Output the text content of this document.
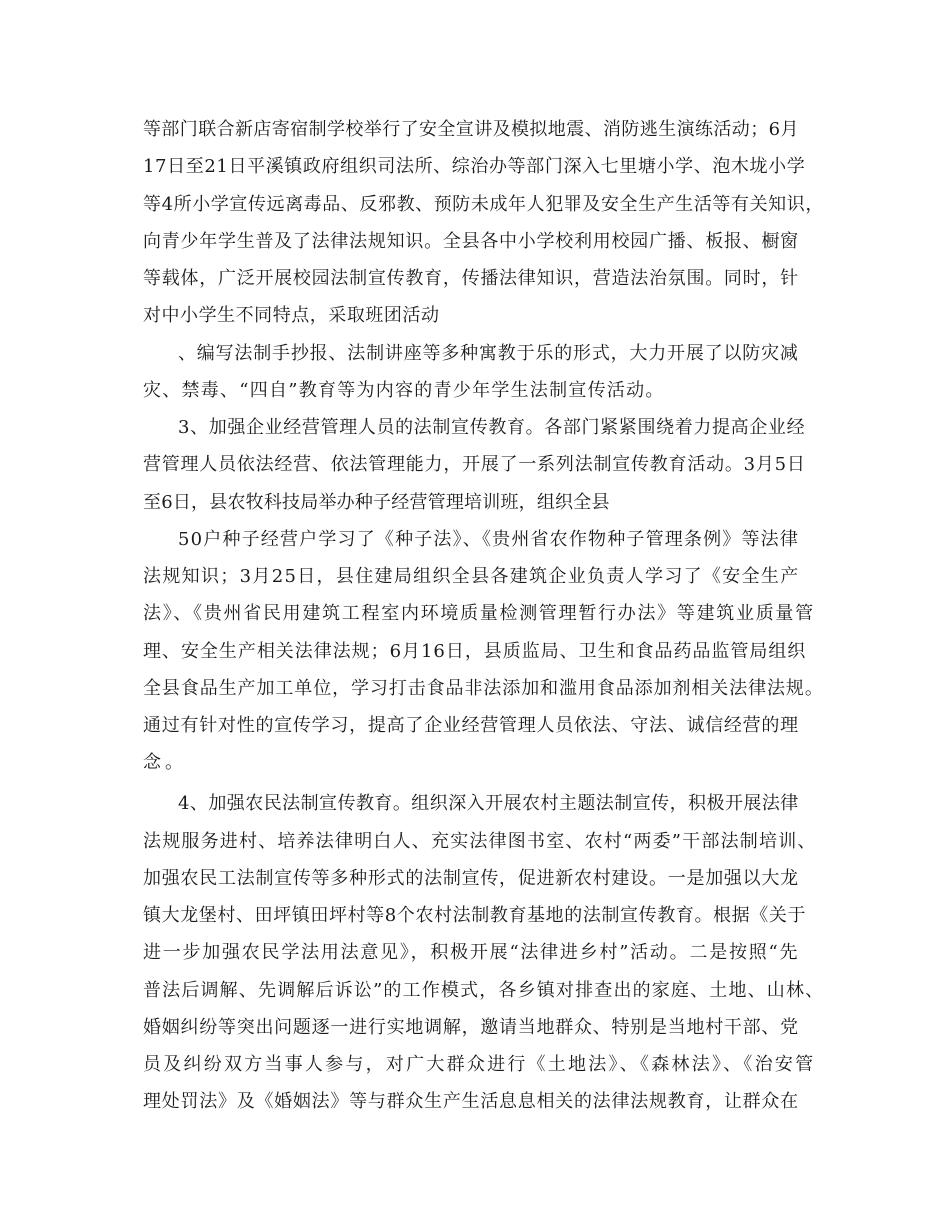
等部门联合新店寄宿制学校举行了安全宣讲及模拟地震、消防逃生演练活动；6月
17日至21日平溪镇政府组织司法所、综治办等部门深入七里塘小学、泡木垅小学
等4所小学宣传远离毒品、反邪教、预防未成年人犯罪及安全生产生活等有关知识，
向青少年学生普及了法律法规知识。全县各中小学校利用校园广播、板报、橱窗
等载体，广泛开展校园法制宣传教育，传播法律知识，营造法治氛围。同时，针
对中小学生不同特点，采取班团活动
、编写法制手抄报、法制讲座等多种寓教于乐的形式，大力开展了以防灾减
灾、禁毒、“四自”教育等为内容的青少年学生法制宣传活动。
3、加强企业经营管理人员的法制宣传教育。各部门紧紧围绕着力提高企业经
营管理人员依法经营、依法管理能力，开展了一系列法制宣传教育活动。3月5日
至6日，县农牧科技局举办种子经营管理培训班，组织全县
50户种子经营户学习了《种子法》、《贵州省农作物种子管理条例》等法律
法规知识；3月25日，县住建局组织全县各建筑企业负责人学习了《安全生产
法》、《贵州省民用建筑工程室内环境质量检测管理暂行办法》等建筑业质量管
理、安全生产相关法律法规；6月16日，县质监局、卫生和食品药品监管局组织
全县食品生产加工单位，学习打击食品非法添加和滥用食品添加剂相关法律法规。
通过有针对性的宣传学习，提高了企业经营管理人员依法、守法、诚信经营的理
念。
4、加强农民法制宣传教育。组织深入开展农村主题法制宣传，积极开展法律
法规服务进村、培养法律明白人、充实法律图书室、农村“两委”干部法制培训、
加强农民工法制宣传等多种形式的法制宣传，促进新农村建设。一是加强以大龙
镇大龙堡村、田坪镇田坪村等8个农村法制教育基地的法制宣传教育。根据《关于
进一步加强农民学法用法意见》，积极开展“法律进乡村”活动。二是按照“先
普法后调解、先调解后诉讼”的工作模式，各乡镇对排查出的家庭、土地、山林、
婚姻纠纷等突出问题逐一进行实地调解，邀请当地群众、特别是当地村干部、党
员及纠纷双方当事人参与，对广大群众进行《土地法》、《森林法》、《治安管
理处罚法》及《婚姻法》等与群众生产生活息息相关的法律法规教育，让群众在
